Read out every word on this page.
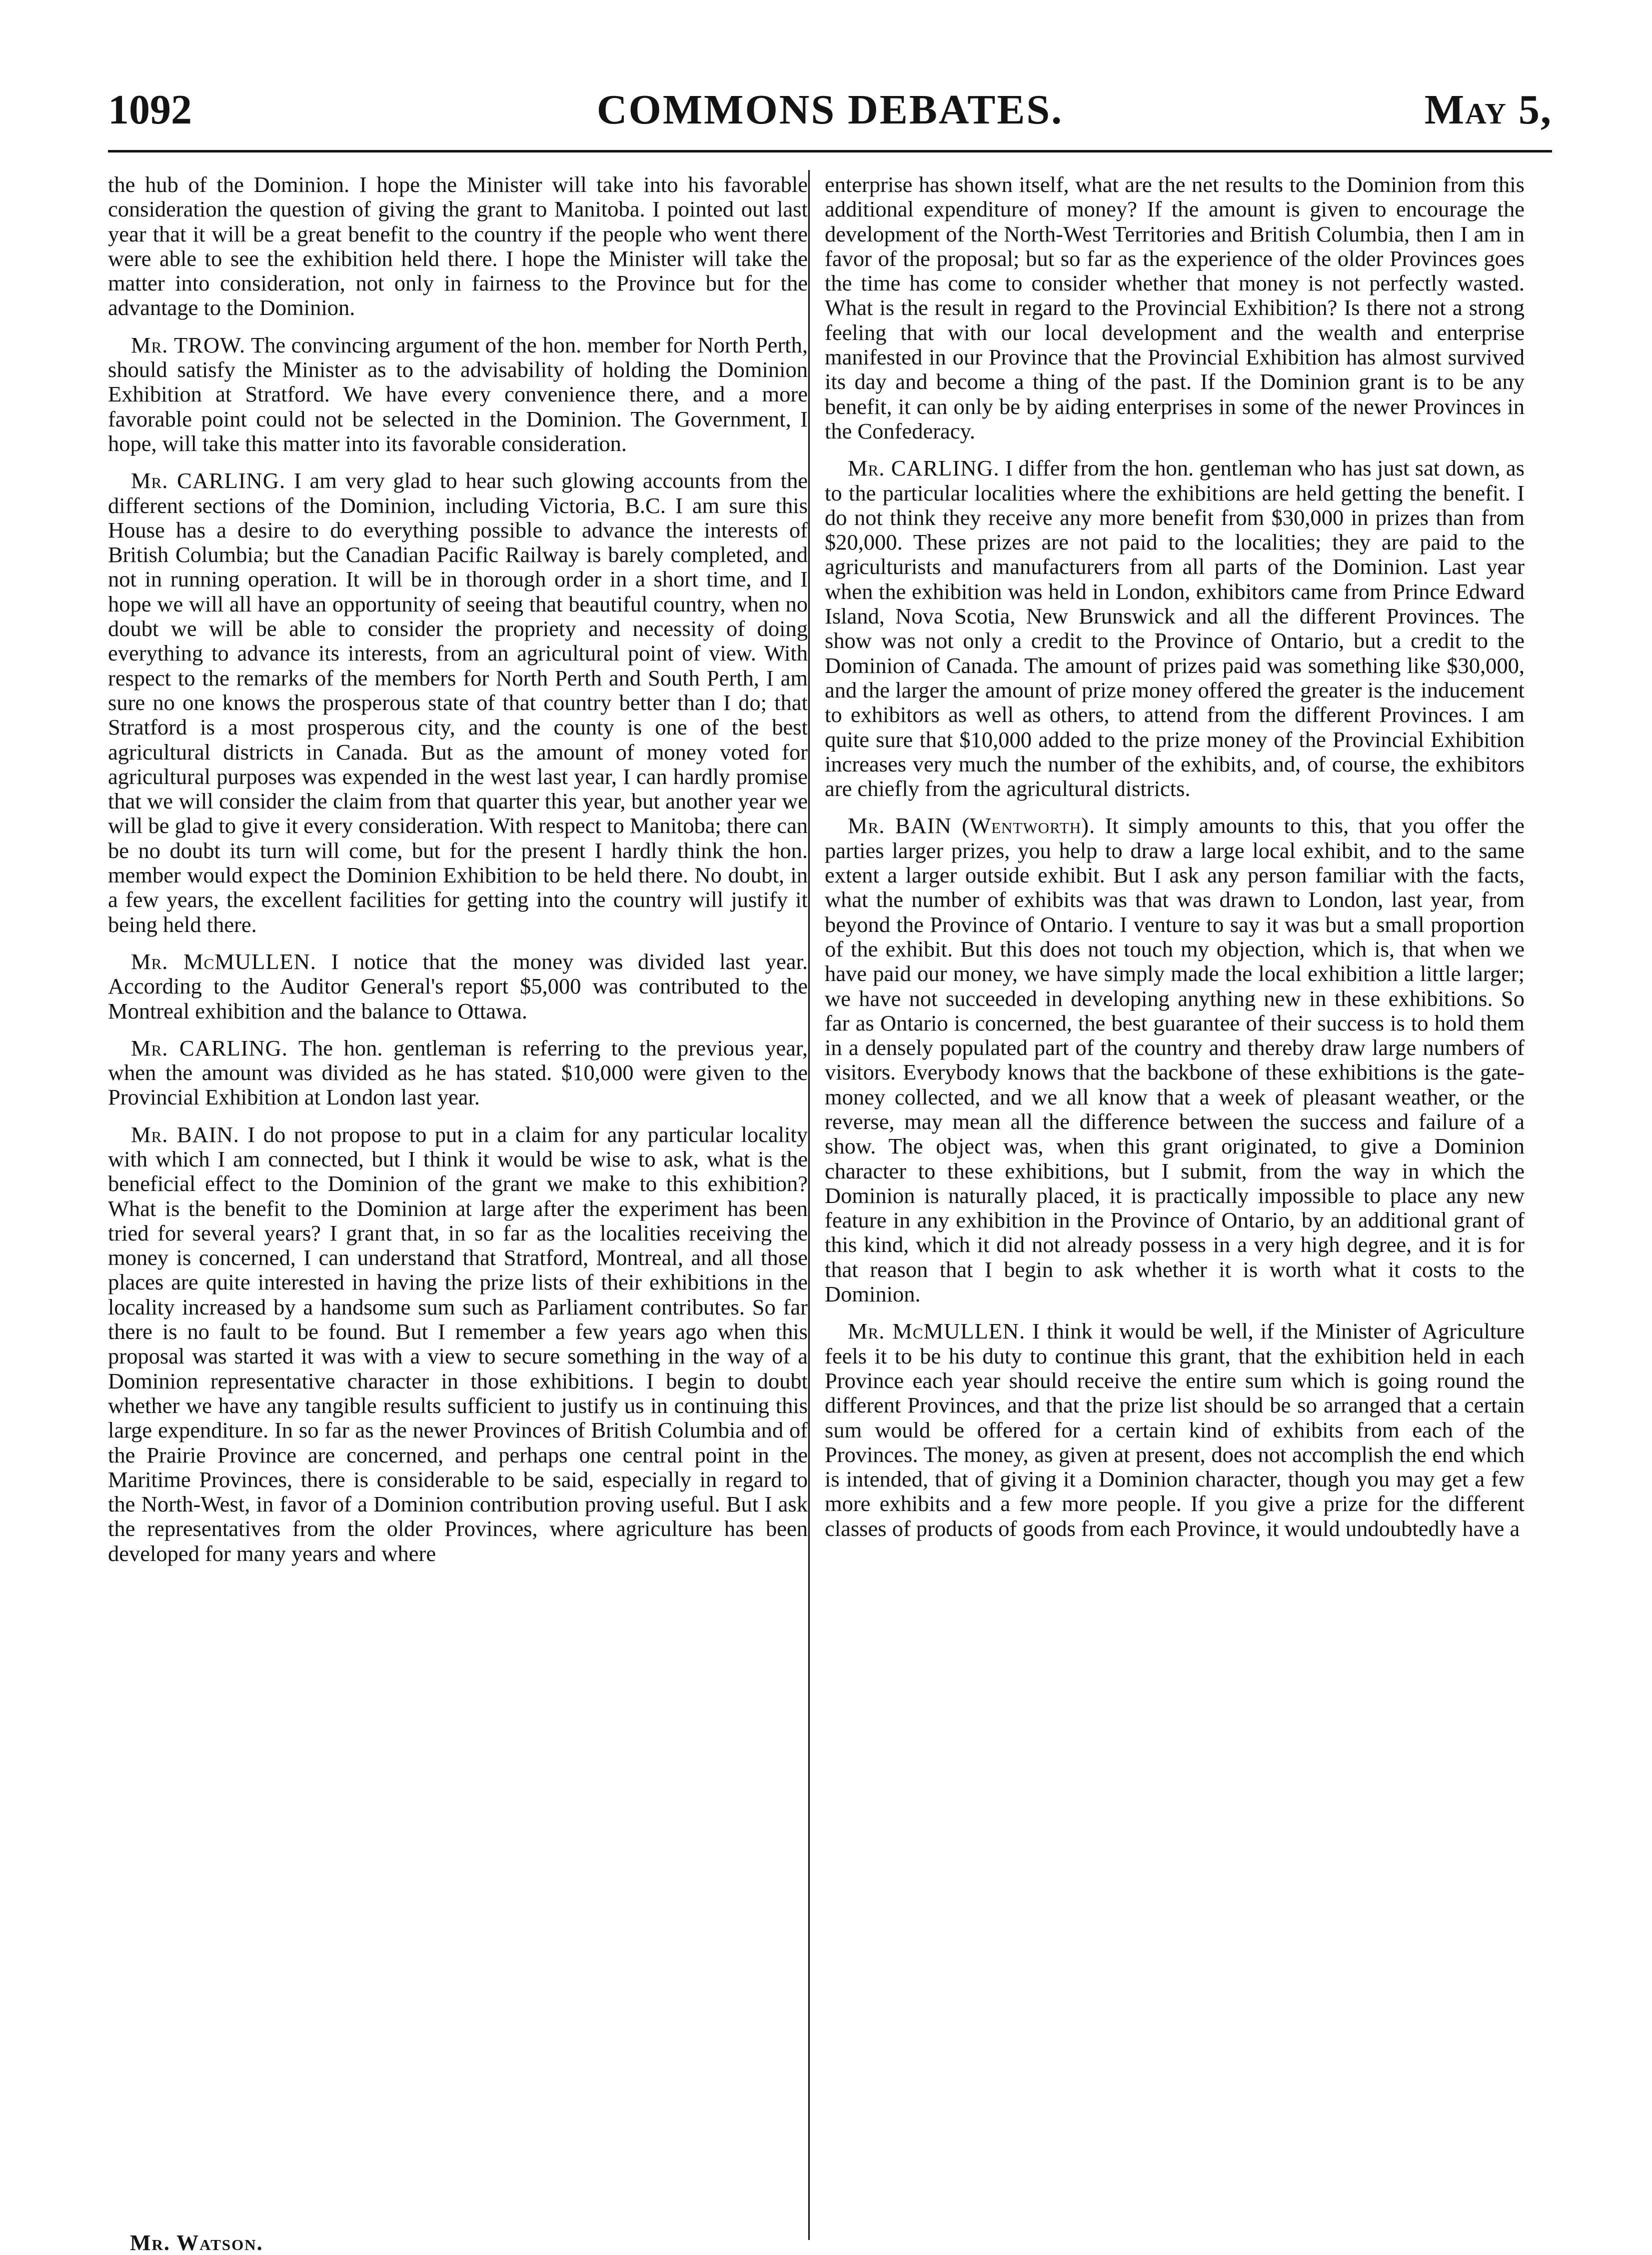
1092	COMMONS DEBATES.	May 5,

the hub of the Dominion. I hope the Minister will take into his favorable consideration the question of giving the grant to Manitoba. I pointed out last year that it will be a great benefit to the country if the people who went there were able to see the exhibition held there. I hope the Minister will take the matter into consideration, not only in fairness to the Province but for the advantage to the Dominion.

Mr. TROW. The convincing argument of the hon. member for North Perth, should satisfy the Minister as to the advisability of holding the Dominion Exhibition at Stratford. We have every convenience there, and a more favorable point could not be selected in the Dominion. The Government, I hope, will take this matter into its favorable consideration.

Mr. CARLING. I am very glad to hear such glowing accounts from the different sections of the Dominion, including Victoria, B.C. I am sure this House has a desire to do everything possible to advance the interests of British Columbia; but the Canadian Pacific Railway is barely completed, and not in running operation. It will be in thorough order in a short time, and I hope we will all have an opportunity of seeing that beautiful country, when no doubt we will be able to consider the propriety and necessity of doing everything to advance its interests, from an agricultural point of view. With respect to the remarks of the members for North Perth and South Perth, I am sure no one knows the prosperous state of that country better than I do; that Stratford is a most prosperous city, and the county is one of the best agricultural districts in Canada. But as the amount of money voted for agricultural purposes was expended in the west last year, I can hardly promise that we will consider the claim from that quarter this year, but another year we will be glad to give it every consideration. With respect to Manitoba; there can be no doubt its turn will come, but for the present I hardly think the hon. member would expect the Dominion Exhibition to be held there. No doubt, in a few years, the excellent facilities for getting into the country will justify it being held there.

Mr. McMULLEN. I notice that the money was divided last year. According to the Auditor General's report $5,000 was contributed to the Montreal exhibition and the balance to Ottawa.

Mr. CARLING. The hon. gentleman is referring to the previous year, when the amount was divided as he has stated. $10,000 were given to the Provincial Exhibition at London last year.

Mr. BAIN. I do not propose to put in a claim for any particular locality with which I am connected, but I think it would be wise to ask, what is the beneficial effect to the Dominion of the grant we make to this exhibition? What is the benefit to the Dominion at large after the experiment has been tried for several years? I grant that, in so far as the localities receiving the money is concerned, I can understand that Stratford, Montreal, and all those places are quite interested in having the prize lists of their exhibitions in the locality increased by a handsome sum such as Parliament contributes. So far there is no fault to be found. But I remember a few years ago when this proposal was started it was with a view to secure something in the way of a Dominion representative character in those exhibitions. I begin to doubt whether we have any tangible results sufficient to justify us in continuing this large expenditure. In so far as the newer Provinces of British Columbia and of the Prairie Province are concerned, and perhaps one central point in the Maritime Provinces, there is considerable to be said, especially in regard to the North-West, in favor of a Dominion contribution proving useful. But I ask the representatives from the older Provinces, where agriculture has been developed for many years and where

enterprise has shown itself, what are the net results to the Dominion from this additional expenditure of money? If the amount is given to encourage the development of the North-West Territories and British Columbia, then I am in favor of the proposal; but so far as the experience of the older Provinces goes the time has come to consider whether that money is not perfectly wasted. What is the result in regard to the Provincial Exhibition? Is there not a strong feeling that with our local development and the wealth and enterprise manifested in our Province that the Provincial Exhibition has almost survived its day and become a thing of the past. If the Dominion grant is to be any benefit, it can only be by aiding enterprises in some of the newer Provinces in the Confederacy.

Mr. CARLING. I differ from the hon. gentleman who has just sat down, as to the particular localities where the exhibitions are held getting the benefit. I do not think they receive any more benefit from $30,000 in prizes than from $20,000. These prizes are not paid to the localities; they are paid to the agriculturists and manufacturers from all parts of the Dominion. Last year when the exhibition was held in London, exhibitors came from Prince Edward Island, Nova Scotia, New Brunswick and all the different Provinces. The show was not only a credit to the Province of Ontario, but a credit to the Dominion of Canada. The amount of prizes paid was something like $30,000, and the larger the amount of prize money offered the greater is the inducement to exhibitors as well as others, to attend from the different Provinces. I am quite sure that $10,000 added to the prize money of the Provincial Exhibition increases very much the number of the exhibits, and, of course, the exhibitors are chiefly from the agricultural districts.

Mr. BAIN (Wentworth). It simply amounts to this, that you offer the parties larger prizes, you help to draw a large local exhibit, and to the same extent a larger outside exhibit. But I ask any person familiar with the facts, what the number of exhibits was that was drawn to London, last year, from beyond the Province of Ontario. I venture to say it was but a small proportion of the exhibit. But this does not touch my objection, which is, that when we have paid our money, we have simply made the local exhibition a little larger; we have not succeeded in developing anything new in these exhibitions. So far as Ontario is concerned, the best guarantee of their success is to hold them in a densely populated part of the country and thereby draw large numbers of visitors. Everybody knows that the backbone of these exhibitions is the gate-money collected, and we all know that a week of pleasant weather, or the reverse, may mean all the difference between the success and failure of a show. The object was, when this grant originated, to give a Dominion character to these exhibitions, but I submit, from the way in which the Dominion is naturally placed, it is practically impossible to place any new feature in any exhibition in the Province of Ontario, by an additional grant of this kind, which it did not already possess in a very high degree, and it is for that reason that I begin to ask whether it is worth what it costs to the Dominion.

Mr. McMULLEN. I think it would be well, if the Minister of Agriculture feels it to be his duty to continue this grant, that the exhibition held in each Province each year should receive the entire sum which is going round the different Provinces, and that the prize list should be so arranged that a certain sum would be offered for a certain kind of exhibits from each of the Provinces. The money, as given at present, does not accomplish the end which is intended, that of giving it a Dominion character, though you may get a few more exhibits and a few more people. If you give a prize for the different classes of products of goods from each Province, it would undoubtedly have a

Mr. Watson.
